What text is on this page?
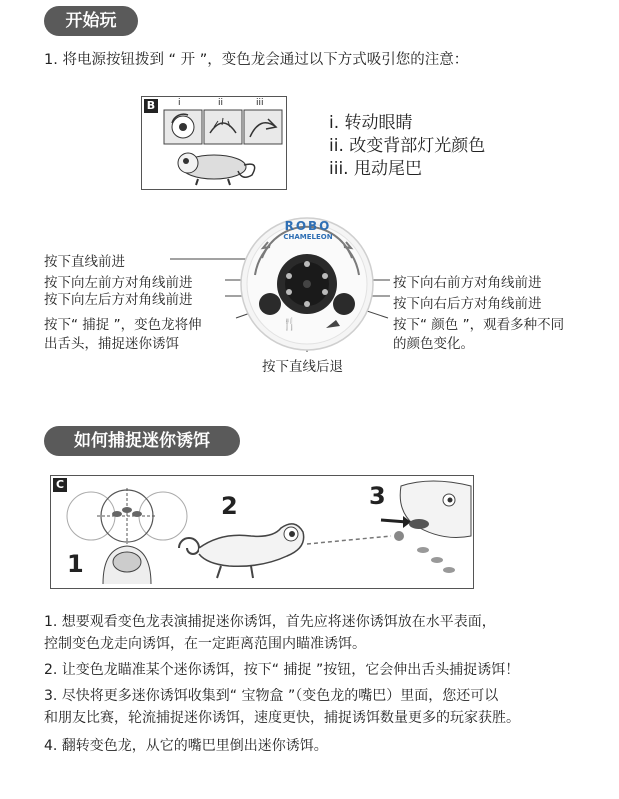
开始玩
1. 将电源按钮拨到 “ 开 ”，变色龙会通过以下方式吸引您的注意：
B	i	ii	iii
i. 转动眼睛
ii. 改变背部灯光颜色
iii. 甩动尾巴
🍴
ROBO
CHAMELEON
按下直线前进
按下向左前方对角线前进
按下向左后方对角线前进
按下“ 捕捉 ”，变色龙将伸
出舌头，捕捉迷你诱饵
按下向右前方对角线前进
按下向右后方对角线前进
按下“ 颜色 ”，观看多种不同
的颜色变化。
按下直线后退
如何捕捉迷你诱饵
C
1
2	3
1. 想要观看变色龙表演捕捉迷你诱饵，首先应将迷你诱饵放在水平表面，
控制变色龙走向诱饵，在一定距离范围内瞄准诱饵。
2. 让变色龙瞄准某个迷你诱饵，按下“ 捕捉 ”按钮，它会伸出舌头捕捉诱饵！
3. 尽快将更多迷你诱饵收集到“ 宝物盒 ”（变色龙的嘴巴）里面，您还可以
和朋友比赛，轮流捕捉迷你诱饵，速度更快，捕捉诱饵数量更多的玩家获胜。
4. 翻转变色龙，从它的嘴巴里倒出迷你诱饵。
